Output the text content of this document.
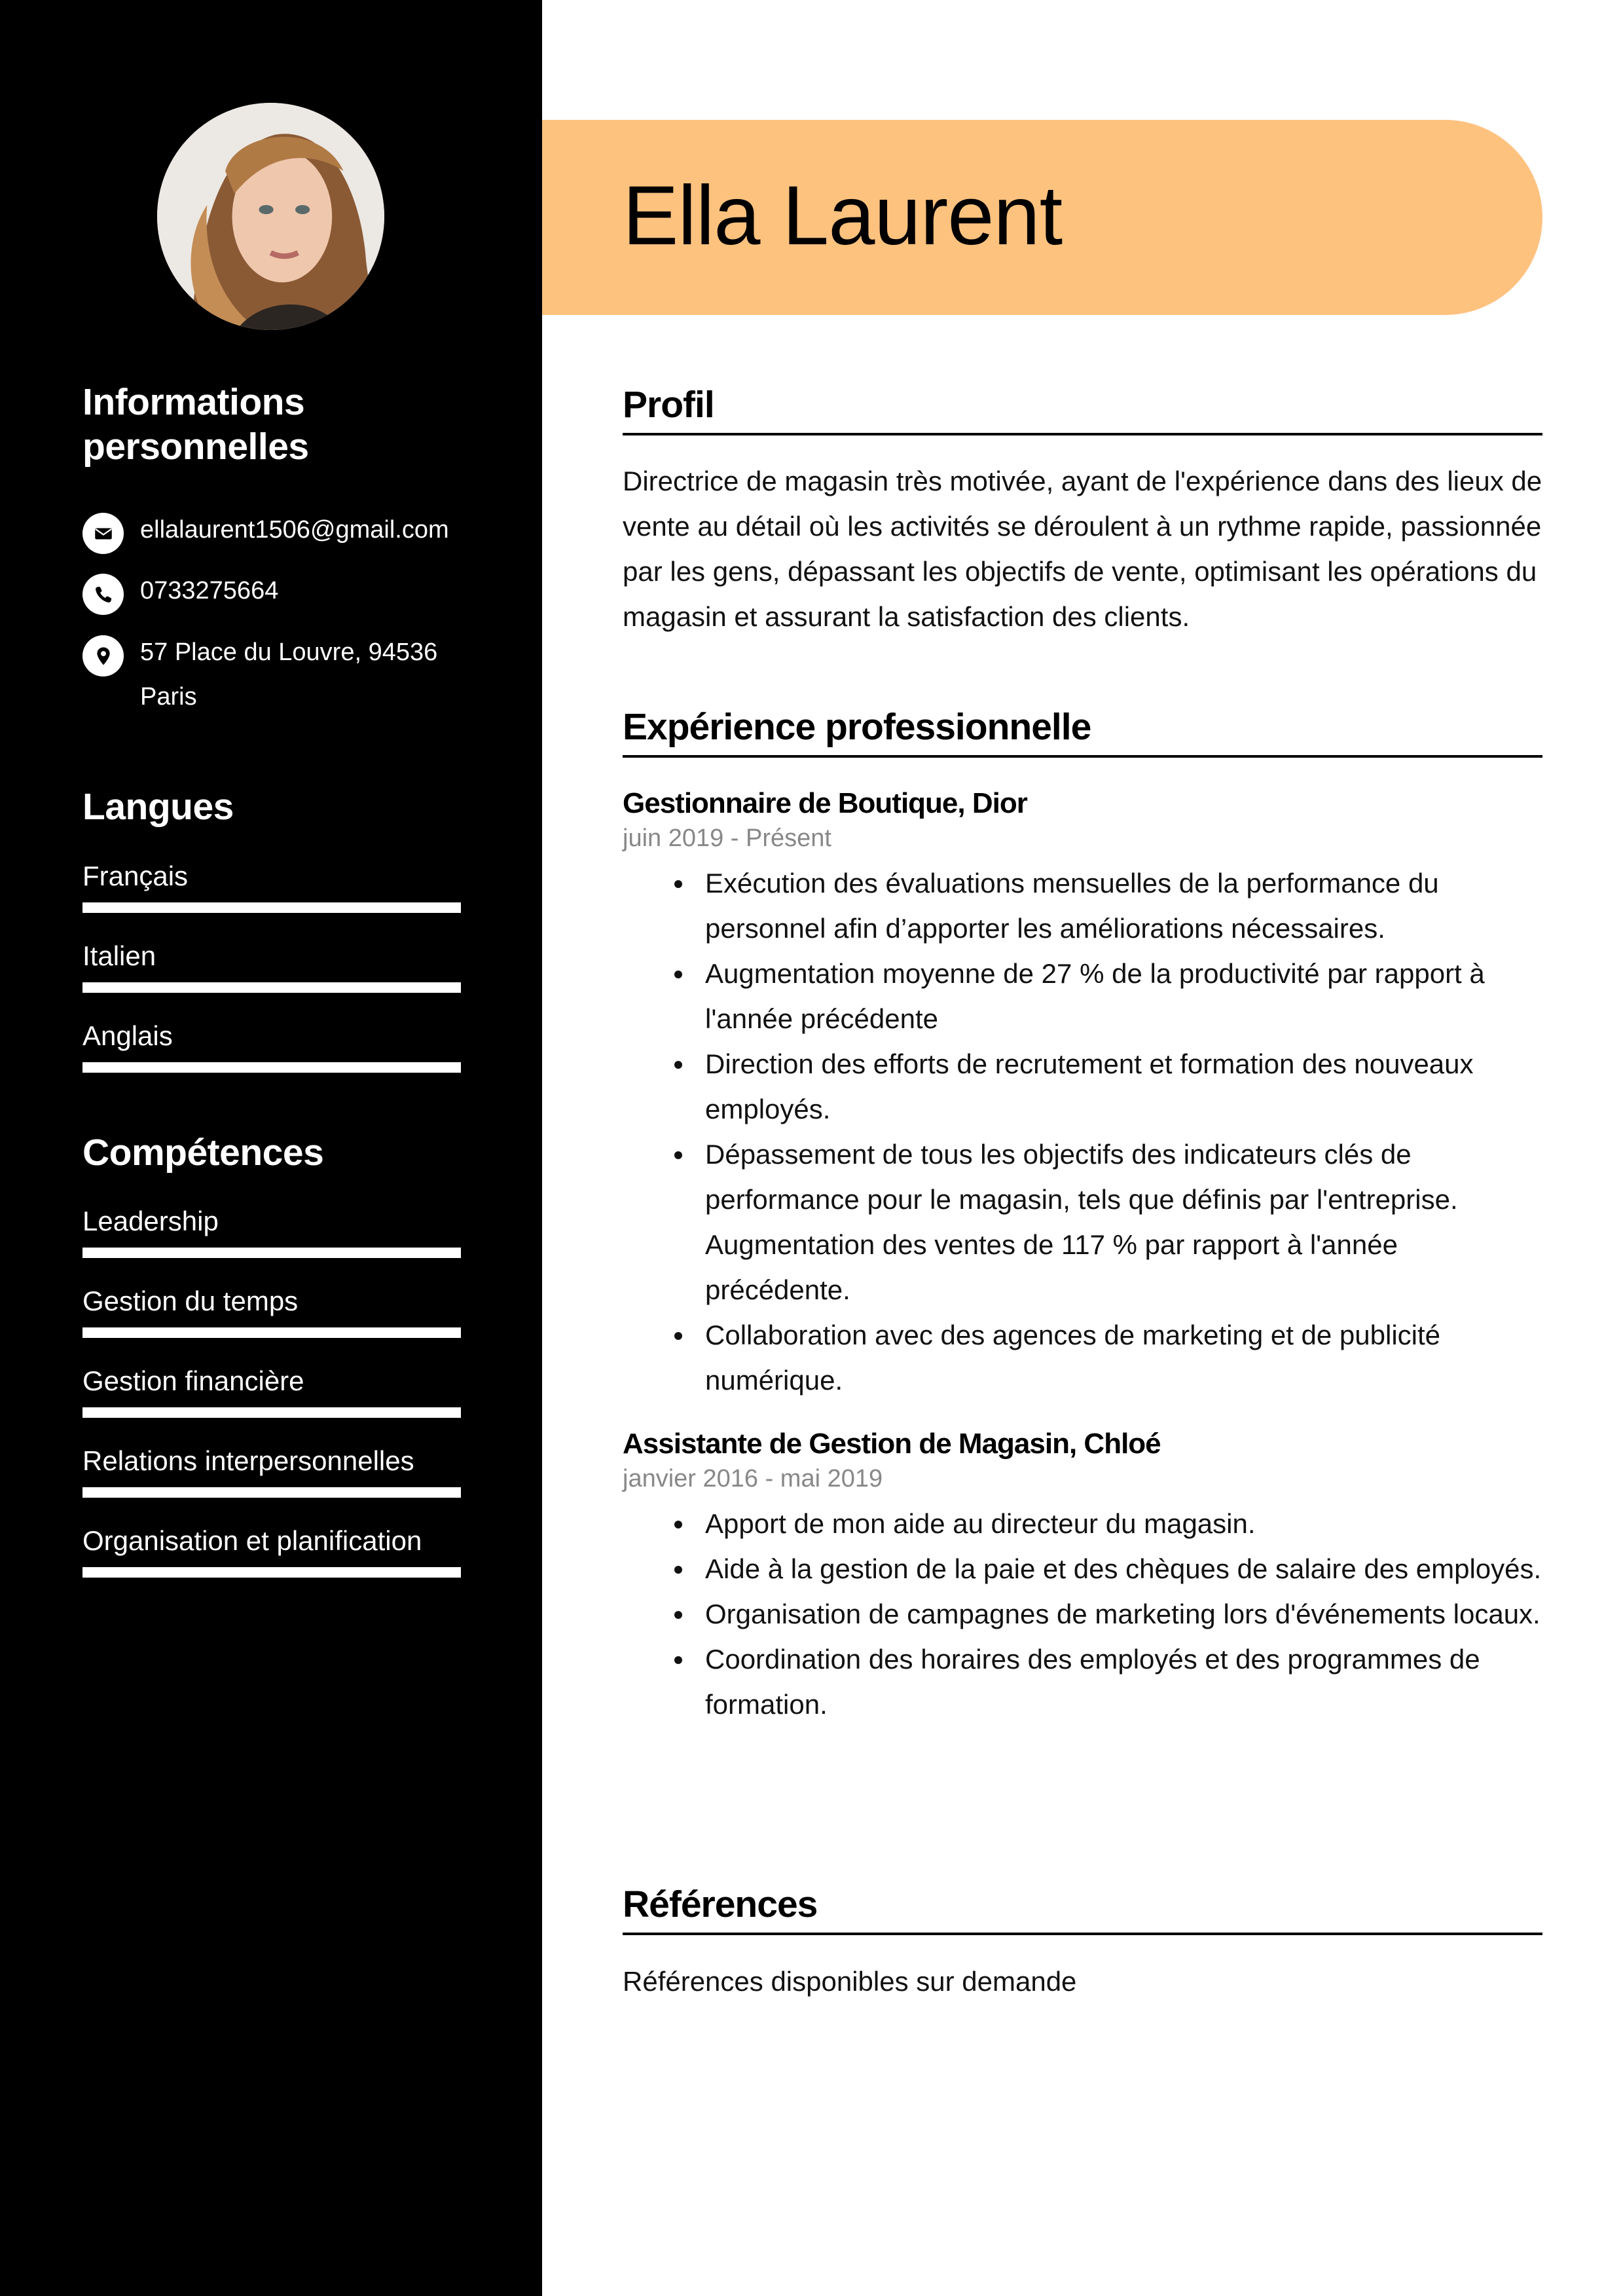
Informations personnelles
ellalaurent1506@gmail.com
0733275664
57 Place du Louvre, 94536 Paris
Langues
Français
Italien
Anglais
Compétences
Leadership
Gestion du temps
Gestion financière
Relations interpersonnelles
Organisation et planification
Ella Laurent
Profil

Directrice de magasin très motivée, ayant de l'expérience dans des lieux de vente au détail où les activités se déroulent à un rythme rapide, passionnée par les gens, dépassant les objectifs de vente, optimisant les opérations du magasin et assurant la satisfaction des clients.

Expérience professionnelle
Gestionnaire de Boutique, Dior

juin 2019 - Présent

Exécution des évaluations mensuelles de la performance du personnel afin d’apporter les améliorations nécessaires.
Augmentation moyenne de 27 % de la productivité par rapport à l'année précédente
Direction des efforts de recrutement et formation des nouveaux employés.
Dépassement de tous les objectifs des indicateurs clés de performance pour le magasin, tels que définis par l'entreprise. Augmentation des ventes de 117 % par rapport à l'année précédente.
Collaboration avec des agences de marketing et de publicité numérique.
Assistante de Gestion de Magasin, Chloé

janvier 2016 - mai 2019

Apport de mon aide au directeur du magasin.
Aide à la gestion de la paie et des chèques de salaire des employés.
Organisation de campagnes de marketing lors d'événements locaux.
Coordination des horaires des employés et des programmes de formation.
Références

Références disponibles sur demande
